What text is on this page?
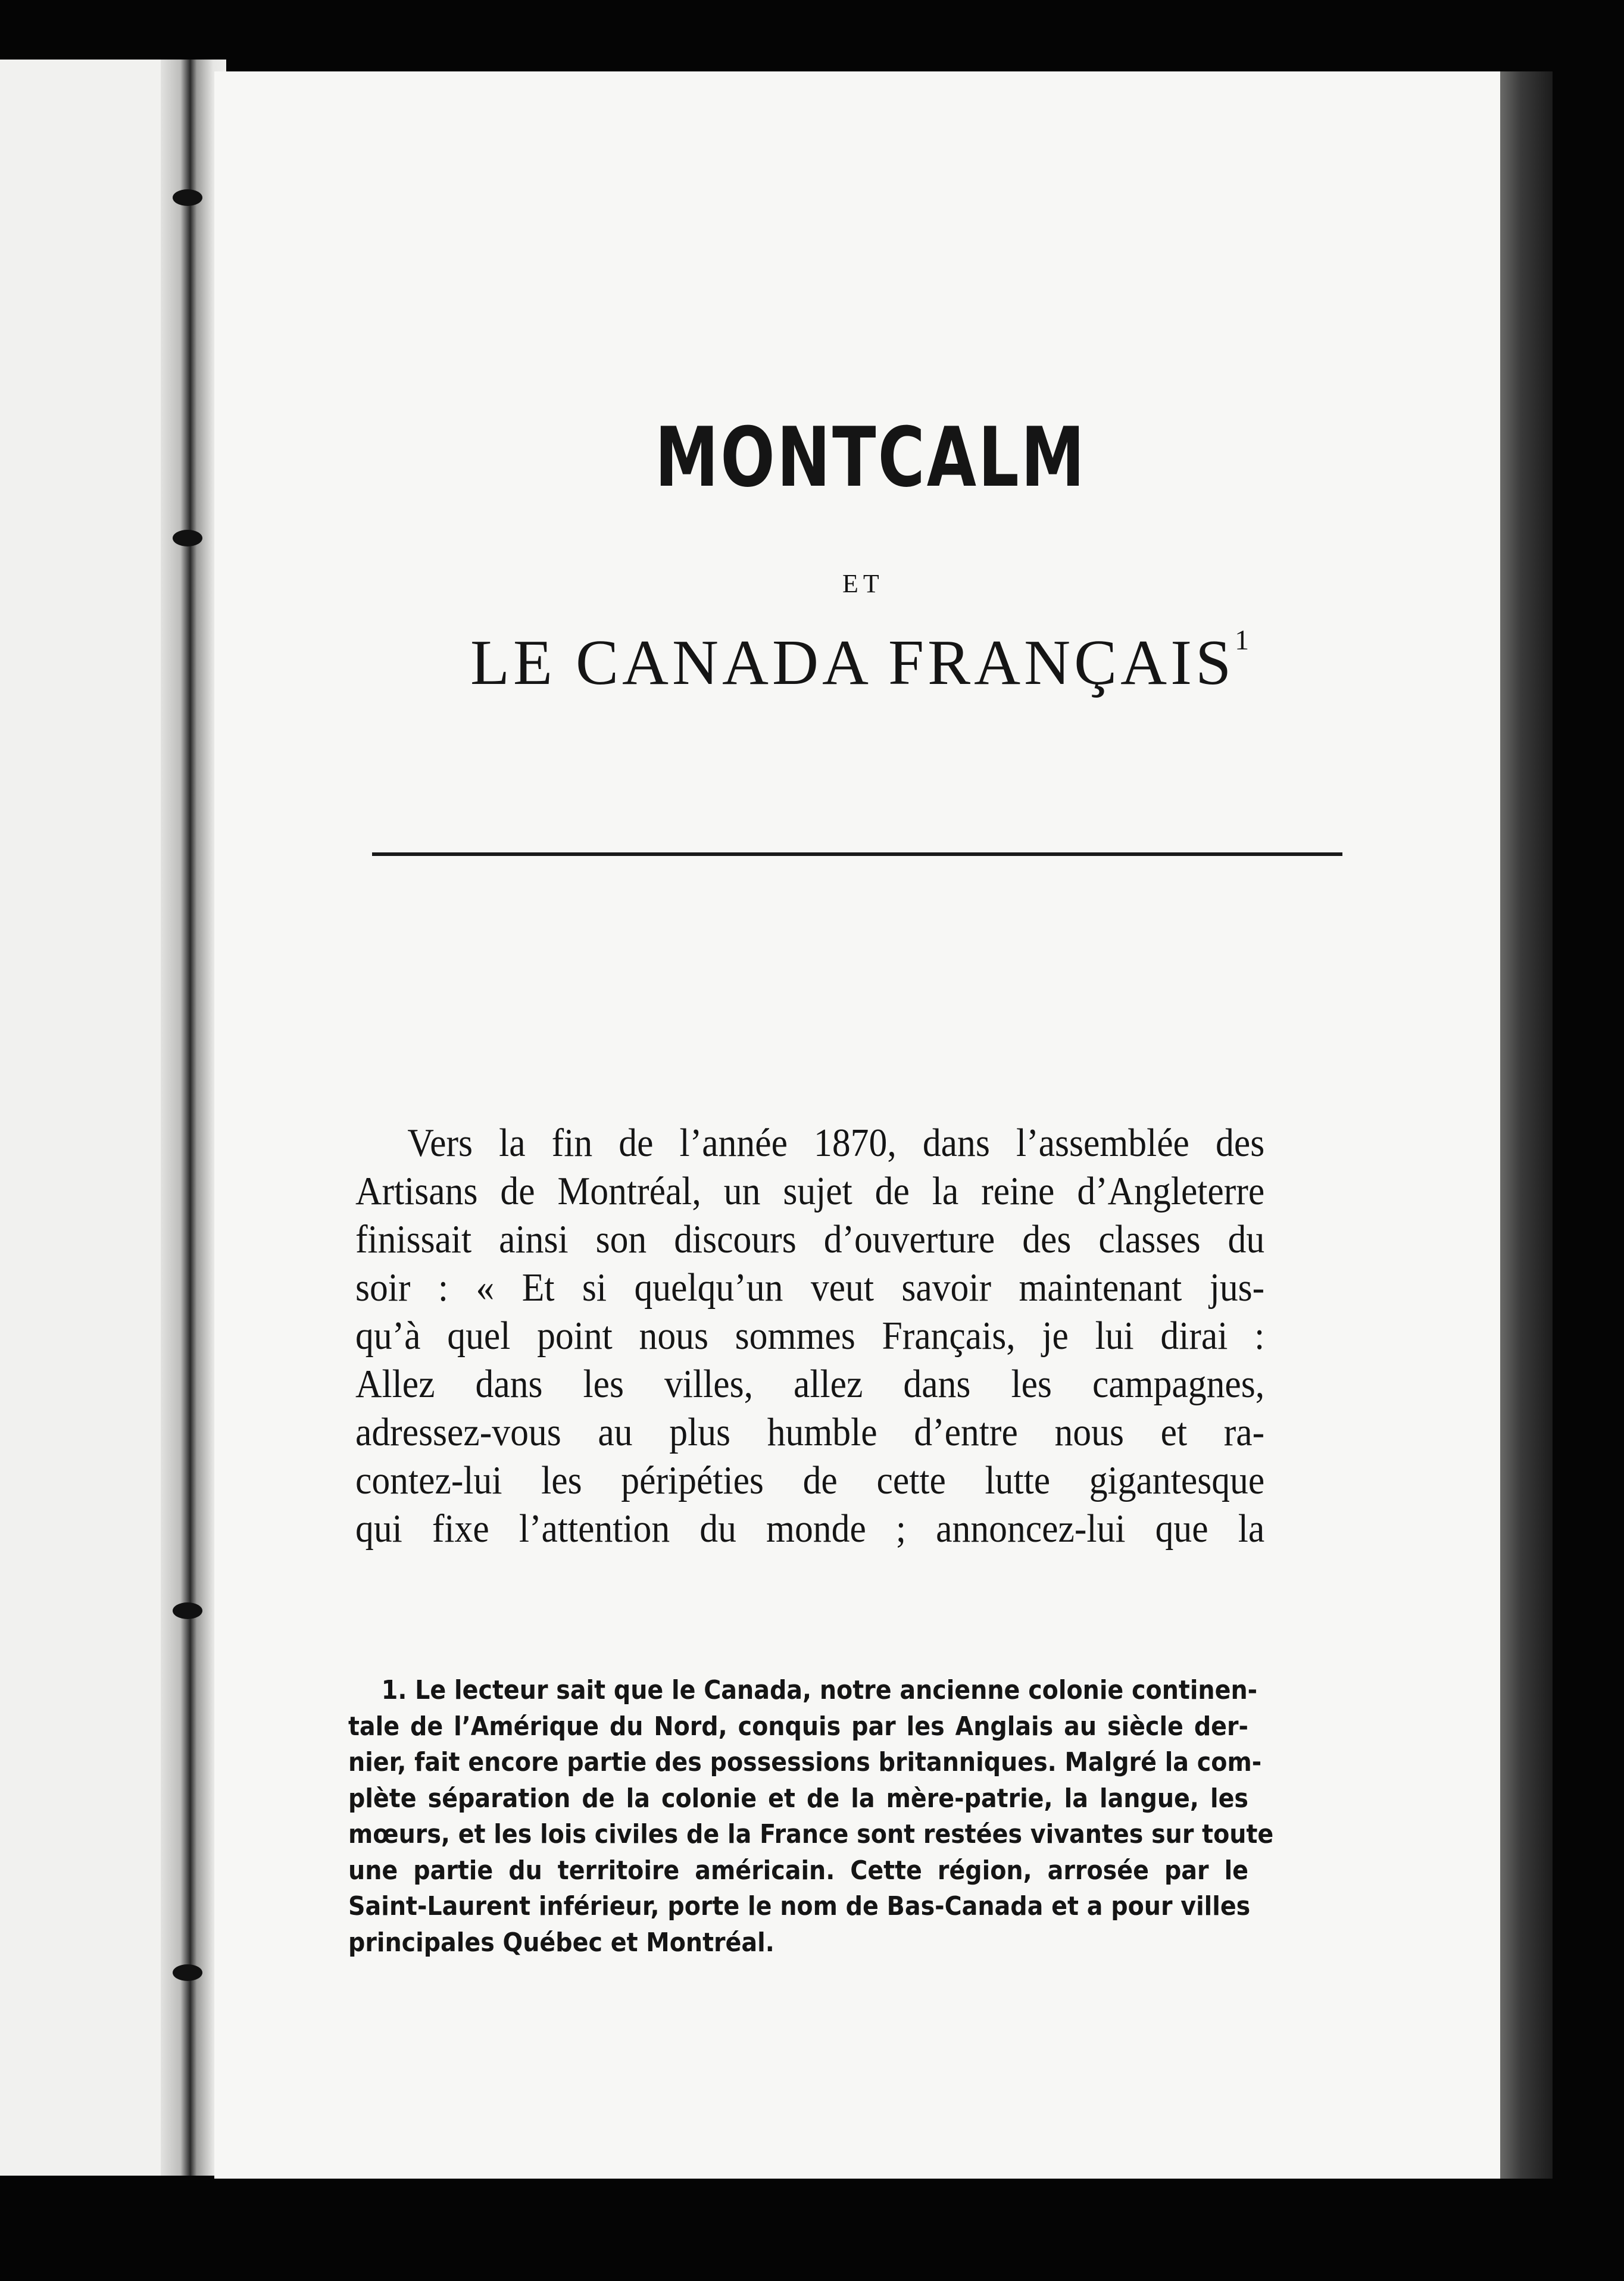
MONTCALM
ET
LE CANADA FRANÇAIS$^1$
Vers la fin de l’année 1870, dans l’assemblée des
Artisans de Montréal, un sujet de la reine d’Angleterre
finissait ainsi son discours d’ouverture des classes du
soir : « Et si quelqu’un veut savoir maintenant jus-
qu’à quel point nous sommes Français, je lui dirai :
Allez dans les villes, allez dans les campagnes,
adressez-vous au plus humble d’entre nous et ra-
contez-lui les péripéties de cette lutte gigantesque
qui fixe l’attention du monde ; annoncez-lui que la
1. Le lecteur sait que le Canada, notre ancienne colonie continen-
tale de l’Amérique du Nord, conquis par les Anglais au siècle der-
nier, fait encore partie des possessions britanniques. Malgré la com-
plète séparation de la colonie et de la mère-patrie, la langue, les
mœurs, et les lois civiles de la France sont restées vivantes sur toute
une partie du territoire américain. Cette région, arrosée par le
Saint-Laurent inférieur, porte le nom de Bas-Canada et a pour villes
principales Québec et Montréal.
